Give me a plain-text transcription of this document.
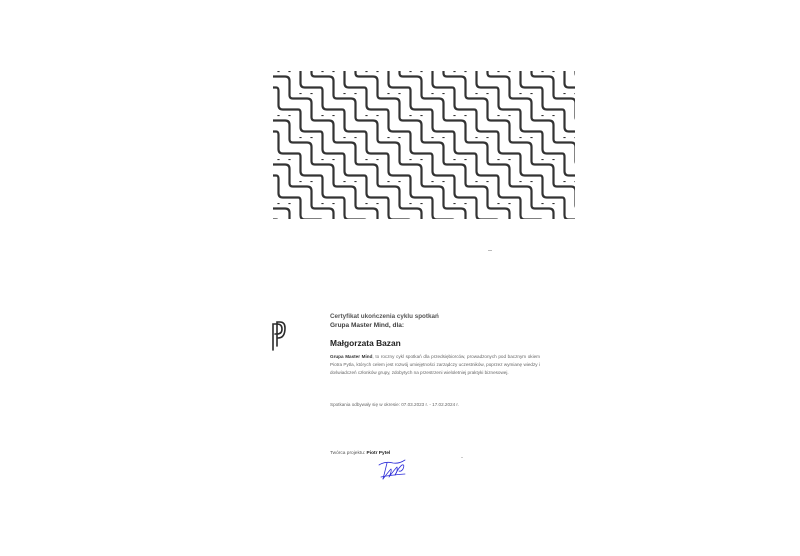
Certyfikat ukończenia cyklu spotkań
Grupa Master Mind, dla:
Małgorzata Bazan
Grupa Master Mind, to roczny cykl spotkań dla przedsiębiorców, prowadzonych pod bacznym okiem Piotra Pytla, których celem jest rozwój umiejętności zarządczy uczestników, poprzez wymianę wiedzy i doświadczeń członków grupy, zdobytych na przestrzeni wieloletniej praktyki biznesowej.
Spotkania odbywały się w okresie: 07.03.2023 r. - 17.02.2024 r.
Twórca projektu: Piotr Pytel
